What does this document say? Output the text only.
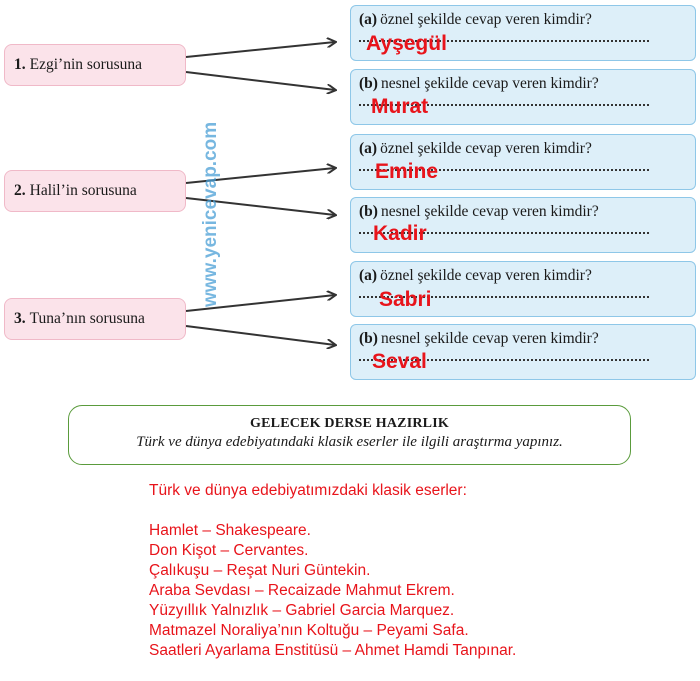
1. Ezgi’nin sorusuna
2. Halil’in sorusuna
3. Tuna’nın sorusuna
www.yenicevap.com
(a) öznel şekilde cevap veren kimdir?
(b) nesnel şekilde cevap veren kimdir?
(a) öznel şekilde cevap veren kimdir?
(b) nesnel şekilde cevap veren kimdir?
(a) öznel şekilde cevap veren kimdir?
(b) nesnel şekilde cevap veren kimdir?
Ayşegül
Murat
Emine
Kadir
Sabri
Seval
GELECEK DERSE HAZIRLIK
Türk ve dünya edebiyatındaki klasik eserler ile ilgili araştırma yapınız.
Türk ve dünya edebiyatımızdaki klasik eserler:
Hamlet – Shakespeare.
Don Kişot – Cervantes.
Çalıkuşu – Reşat Nuri Güntekin.
Araba Sevdası – Recaizade Mahmut Ekrem.
Yüzyıllık Yalnızlık – Gabriel Garcia Marquez.
Matmazel Noraliya’nın Koltuğu – Peyami Safa.
Saatleri Ayarlama Enstitüsü – Ahmet Hamdi Tanpınar.
